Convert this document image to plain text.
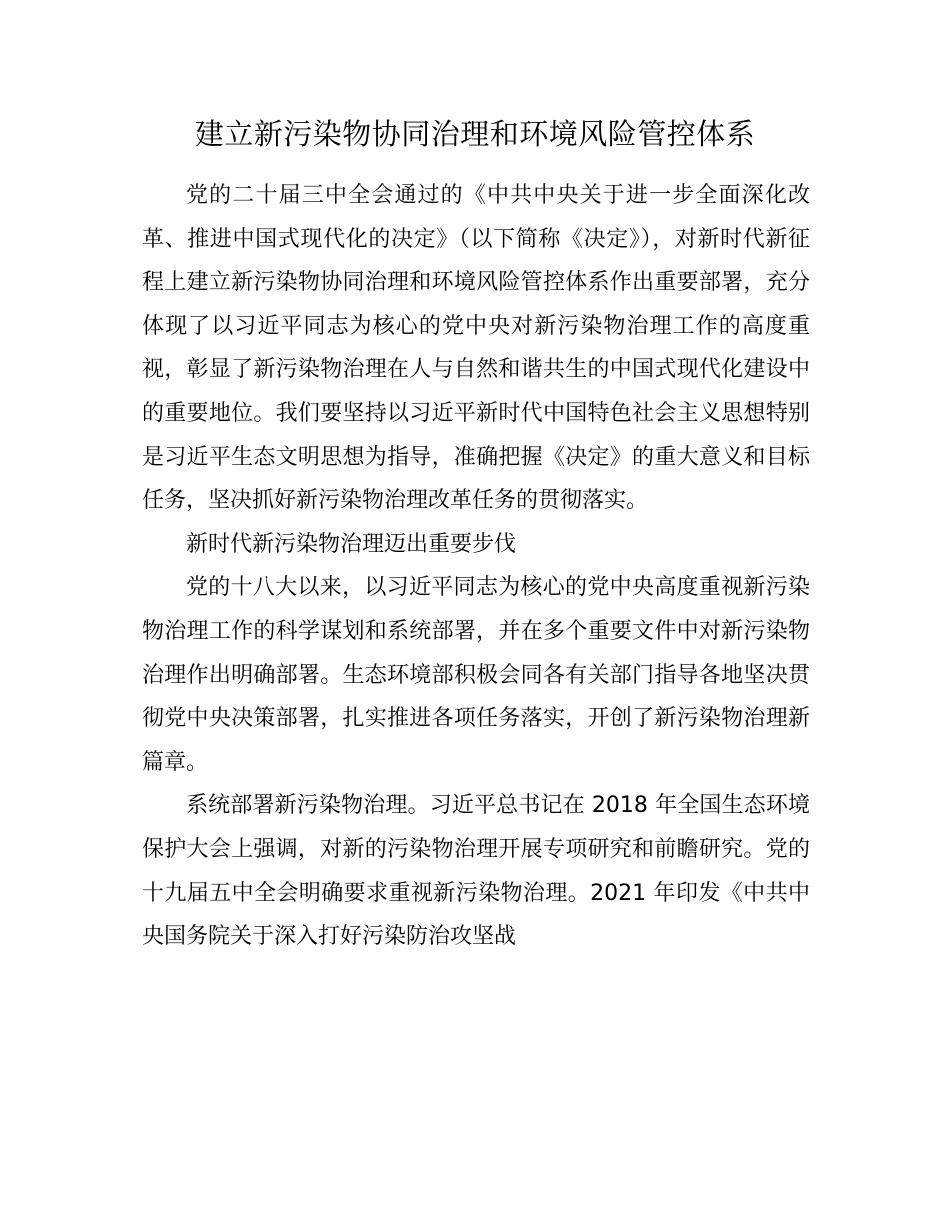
建立新污染物协同治理和环境风险管控体系

党的二十届三中全会通过的《中共中央关于进一步全面深化改革、推进中国式现代化的决定》（以下简称《决定》），对新时代新征程上建立新污染物协同治理和环境风险管控体系作出重要部署，充分体现了以习近平同志为核心的党中央对新污染物治理工作的高度重视，彰显了新污染物治理在人与自然和谐共生的中国式现代化建设中的重要地位。我们要坚持以习近平新时代中国特色社会主义思想特别是习近平生态文明思想为指导，准确把握《决定》的重大意义和目标任务，坚决抓好新污染物治理改革任务的贯彻落实。

新时代新污染物治理迈出重要步伐

党的十八大以来，以习近平同志为核心的党中央高度重视新污染物治理工作的科学谋划和系统部署，并在多个重要文件中对新污染物治理作出明确部署。生态环境部积极会同各有关部门指导各地坚决贯彻党中央决策部署，扎实推进各项任务落实，开创了新污染物治理新篇章。

系统部署新污染物治理。习近平总书记在 2018 年全国生态环境保护大会上强调，对新的污染物治理开展专项研究和前瞻研究。党的十九届五中全会明确要求重视新污染物治理。2021 年印发《中共中央国务院关于深入打好污染防治攻坚战
